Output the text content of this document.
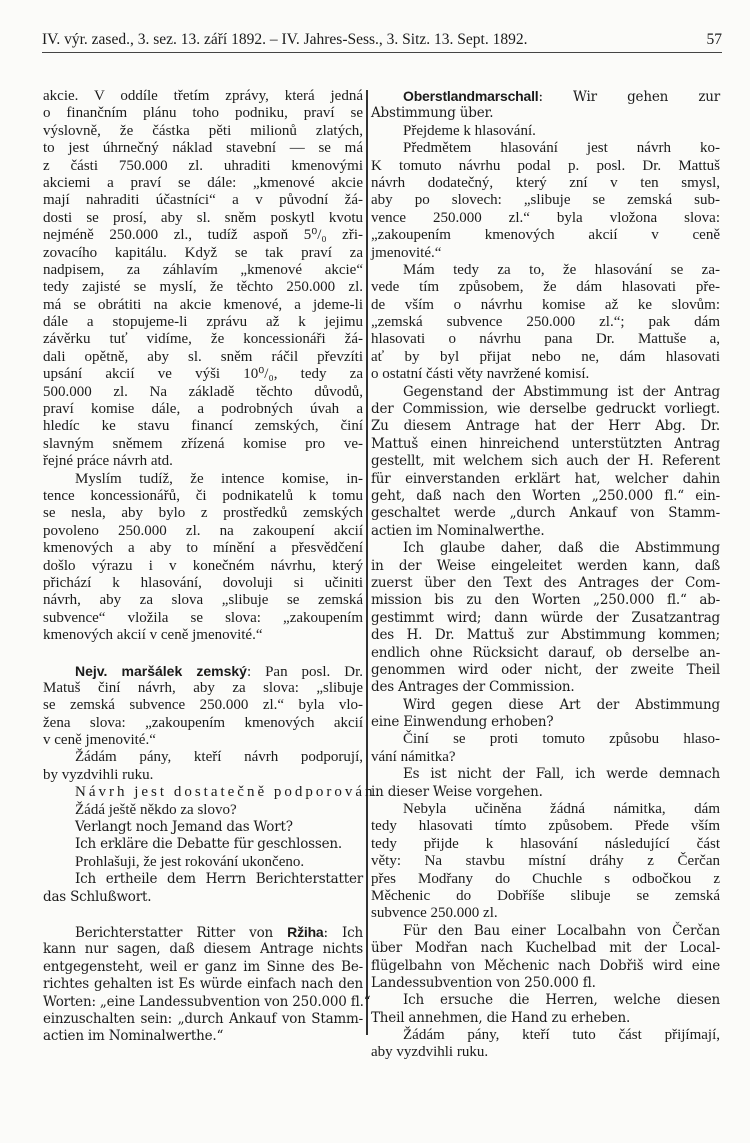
IV. výr. zased., 3. sez. 13. září 1892. – IV. Jahres-Sess., 3. Sitz. 13. Sept. 1892.	57
akcie. V oddíle třetím zprávy, která jedná
o finančním plánu toho podniku, praví se
výslovně, že částka pěti milionů zlatých,
to jest úhrnečný náklad stavební — se má
z části 750.000 zl. uhraditi kmenovými
akciemi a praví se dále: „kmenové akcie
mají nahraditi účastníci“ a v původní žá-
dosti se prosí, aby sl. sněm poskytl kvotu
nejméně 250.000 zl., tudíž aspoň 5⁰/₀ zři-
zovacího kapitálu. Když se tak praví za
nadpisem, za záhlavím „kmenové akcie“
tedy zajisté se myslí, že těchto 250.000 zl.
má se obrátiti na akcie kmenové, a jdeme-li
dále a stopujeme-li zprávu až k jejimu
závěrku tuť vidíme, že koncessionáři žá-
dali opětně, aby sl. sněm ráčil převzíti
upsání akcií ve výši 10⁰/₀, tedy za
500.000 zl. Na základě těchto důvodů,
praví komise dále, a podrobných úvah a
hledíc ke stavu financí zemských, činí
slavným sněmem zřízená komise pro ve-
řejné práce návrh atd.
Myslím tudíž, že intence komise, in-
tence koncessionářů, či podnikatelů k tomu
se nesla, aby bylo z prostředků zemských
povoleno 250.000 zl. na zakoupení akcií
kmenových a aby to mínění a přesvědčení
došlo výrazu i v konečném návrhu, který
přichází k hlasování, dovoluji si učiniti
návrh, aby za slova „slibuje se zemská
subvence“ vložila se slova: „zakoupením
kmenových akcií v ceně jmenovité.“
Nejv. maršálek zemský: Pan posl. Dr.
Matuš činí návrh, aby za slova: „slibuje
se zemská subvence 250.000 zl.“ byla vlo-
žena slova: „zakoupením kmenových akcií
v ceně jmenovité.“
Žádám pány, kteří návrh podporují,
by vyzdvihli ruku.
Návrh jest dostatečně podporován.
Žádá ještě někdo za slovo?
Verlangt noch Jemand das Wort?
Ich erkläre die Debatte für geschlossen.
Prohlašuji, že jest rokování ukončeno.
Ich ertheile dem Herrn Berichterstatter
das Schlußwort.
Berichterstatter Ritter von Ržiha: Ich
kann nur sagen, daß diesem Antrage nichts
entgegensteht, weil er ganz im Sinne des Be-
richtes gehalten ist Es würde einfach nach den
Worten: „eine Landessubvention von 250.000 fl.“
einzuschalten sein: „durch Ankauf von Stamm-
actien im Nominalwerthe.“
Oberstlandmarschall: Wir gehen zur
Abstimmung über.
Přejdeme k hlasování.
Předmětem hlasování jest návrh ko-
K tomuto návrhu podal p. posl. Dr. Mattuš
návrh dodatečný, který zní v ten smysl,
aby po slovech: „slibuje se zemská sub-
vence 250.000 zl.“ byla vložona slova:
„zakoupením kmenových akcií v ceně
jmenovité.“
Mám tedy za to, že hlasování se za-
vede tím způsobem, že dám hlasovati pře-
de vším o návrhu komise až ke slovům:
„zemská subvence 250.000 zl.“; pak dám
hlasovati o návrhu pana Dr. Mattuše a,
ať by byl přijat nebo ne, dám hlasovati
o ostatní části věty navržené komisí.
Gegenstand der Abstimmung ist der Antrag
der Commission, wie derselbe gedruckt vorliegt.
Zu diesem Antrage hat der Herr Abg. Dr.
Mattuš einen hinreichend unterstützten Antrag
gestellt, mit welchem sich auch der H. Referent
für einverstanden erklärt hat, welcher dahin
geht, daß nach den Worten „250.000 fl.“ ein-
geschaltet werde „durch Ankauf von Stamm-
actien im Nominalwerthe.
Ich glaube daher, daß die Abstimmung
in der Weise eingeleitet werden kann, daß
zuerst über den Text des Antrages der Com-
mission bis zu den Worten „250.000 fl.“ ab-
gestimmt wird; dann würde der Zusatzantrag
des H. Dr. Mattuš zur Abstimmung kommen;
endlich ohne Rücksicht darauf, ob derselbe an-
genommen wird oder nicht, der zweite Theil
des Antrages der Commission.
Wird gegen diese Art der Abstimmung
eine Einwendung erhoben?
Činí se proti tomuto způsobu hlaso-
vání námitka?
Es ist nicht der Fall, ich werde demnach
in dieser Weise vorgehen.
Nebyla učiněna žádná námitka, dám
tedy hlasovati tímto způsobem. Přede vším
tedy přijde k hlasování následující část
věty: Na stavbu místní dráhy z Čerčan
přes Modřany do Chuchle s odbočkou z
Měchenic do Dobříše slibuje se zemská
subvence 250.000 zl.
Für den Bau einer Localbahn von Čerčan
über Modřan nach Kuchelbad mit der Local-
flügelbahn von Měchenic nach Dobřiš wird eine
Landessubvention von 250.000 fl.
Ich ersuche die Herren, welche diesen
Theil annehmen, die Hand zu erheben.
Žádám pány, kteří tuto část přijímají,
aby vyzdvihli ruku.
